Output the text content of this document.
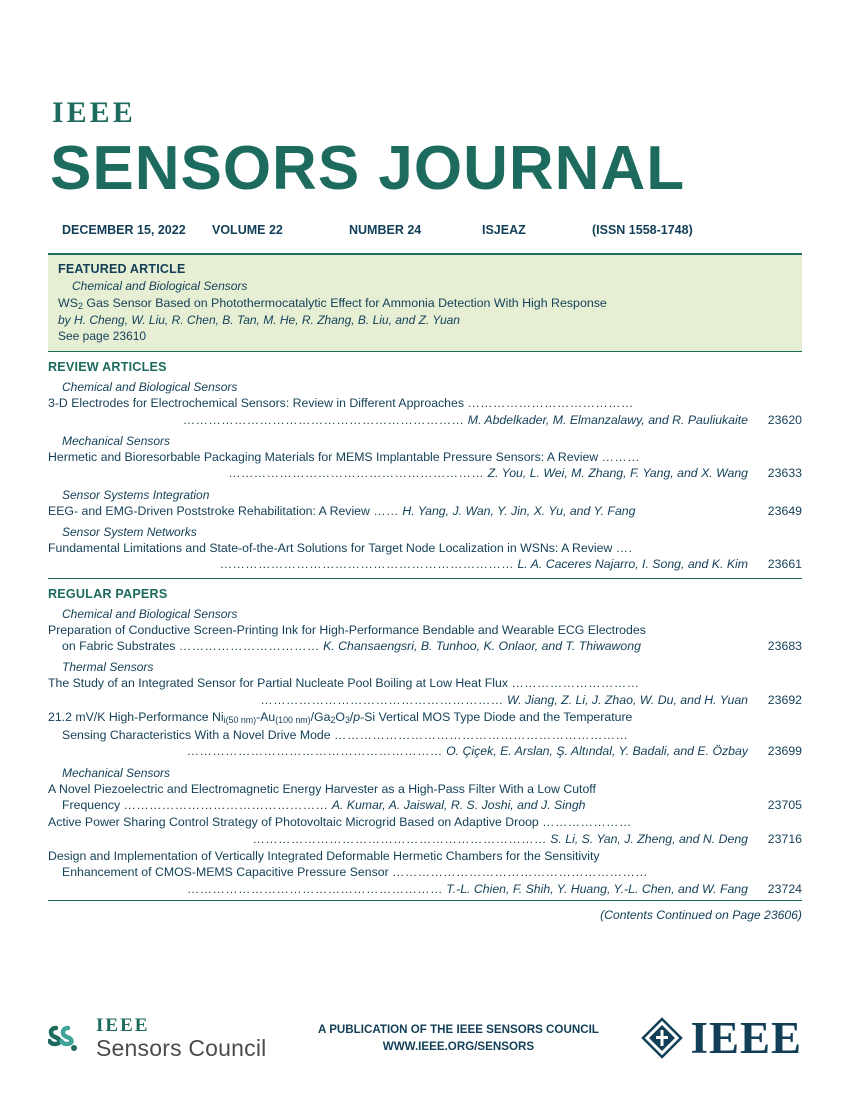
IEEE
SENSORS JOURNAL
DECEMBER 15, 2022	VOLUME 22	NUMBER 24	ISJEAZ	(ISSN 1558-1748)
FEATURED ARTICLE
Chemical and Biological Sensors
$WS_2$ Gas Sensor Based on Photothermocatalytic Effect for Ammonia Detection With High Response
by H. Cheng, W. Liu, R. Chen, B. Tan, M. He, R. Zhang, B. Liu, and Z. Yuan
See page 23610
REVIEW ARTICLES
Chemical and Biological Sensors
3-D Electrodes for Electrochemical Sensors: Review in Different Approaches …………………………………
………………………………………………………… M. Abdelkader, M. Elmanzalawy, and R. Pauliukaite	23620
Mechanical Sensors
Hermetic and Bioresorbable Packaging Materials for MEMS Implantable Pressure Sensors: A Review ………
…………………………………………………… Z. You, L. Wei, M. Zhang, F. Yang, and X. Wang	23633
Sensor Systems Integration
EEG- and EMG-Driven Poststroke Rehabilitation: A Review …… H. Yang, J. Wan, Y. Jin, X. Yu, and Y. Fang	23649
Sensor System Networks
Fundamental Limitations and State-of-the-Art Solutions for Target Node Localization in WSNs: A Review ….
…………………………………………………………… L. A. Caceres Najarro, I. Song, and K. Kim	23661
REGULAR PAPERS
Chemical and Biological Sensors
Preparation of Conductive Screen-Printing Ink for High-Performance Bendable and Wearable ECG Electrodes
on Fabric Substrates …………………………… K. Chansaengsri, B. Tunhoo, K. Onlaor, and T. Thiwawong	23683
Thermal Sensors
The Study of an Integrated Sensor for Partial Nucleate Pool Boiling at Low Heat Flux …………………………
………………………………………………… W. Jiang, Z. Li, J. Zhao, W. Du, and H. Yuan	23692
21.2 mV/K High-Performance $Ni_{i(50 nm)}-Au_{(100 nm)}/Ga_2O_3/p-Si$ Vertical MOS Type Diode and the Temperature
Sensing Characteristics With a Novel Drive Mode ……………………………………………………………
…………………………………………………… O. Çiçek, E. Arslan, Ş. Altındal, Y. Badali, and E. Özbay	23699
Mechanical Sensors
A Novel Piezoelectric and Electromagnetic Energy Harvester as a High-Pass Filter With a Low Cutoff
Frequency ………………………………………… A. Kumar, A. Jaiswal, R. S. Joshi, and J. Singh	23705
Active Power Sharing Control Strategy of Photovoltaic Microgrid Based on Adaptive Droop …………………
…………………………………………………………… S. Li, S. Yan, J. Zheng, and N. Deng	23716
Design and Implementation of Vertically Integrated Deformable Hermetic Chambers for the Sensitivity
Enhancement of CMOS-MEMS Capacitive Pressure Sensor ……………………………………………………
…………………………………………………… T.-L. Chien, F. Shih, Y. Huang, Y.-L. Chen, and W. Fang	23724
(Contents Continued on Page 23606)
IEEE
Sensors Council
A PUBLICATION OF THE IEEE SENSORS COUNCIL
WWW.IEEE.ORG/SENSORS	IEEE
